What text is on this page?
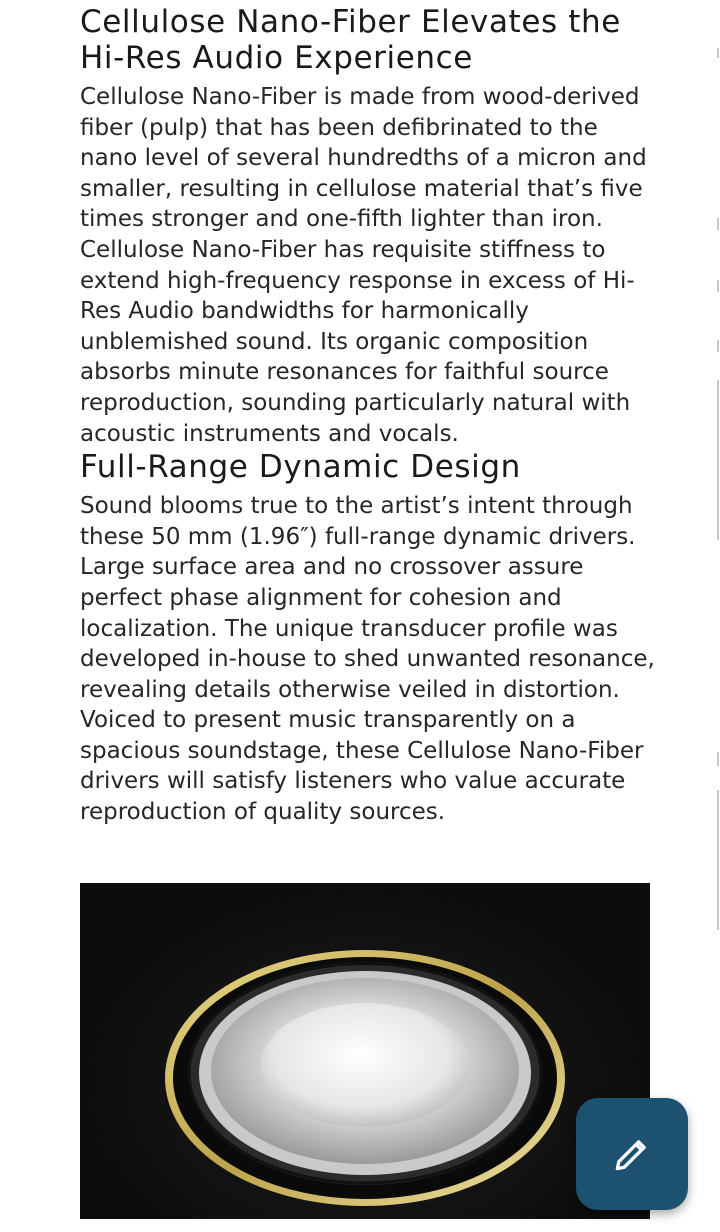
Cellulose Nano-Fiber Elevates the Hi-Res Audio Experience

Cellulose Nano-Fiber is made from wood-derived fiber (pulp) that has been defibrinated to the nano level of several hundredths of a micron and smaller, resulting in cellulose material that’s five times stronger and one-fifth lighter than iron. Cellulose Nano-Fiber has requisite stiffness to extend high-frequency response in excess of Hi-Res Audio bandwidths for harmonically unblemished sound. Its organic composition absorbs minute resonances for faithful source reproduction, sounding particularly natural with acoustic instruments and vocals.

Full-Range Dynamic Design

Sound blooms true to the artist’s intent through these 50 mm (1.96″) full-range dynamic drivers. Large surface area and no crossover assure perfect phase alignment for cohesion and localization. The unique transducer profile was developed in-house to shed unwanted resonance, revealing details otherwise veiled in distortion. Voiced to present music transparently on a spacious soundstage, these Cellulose Nano-Fiber drivers will satisfy listeners who value accurate reproduction of quality sources.
